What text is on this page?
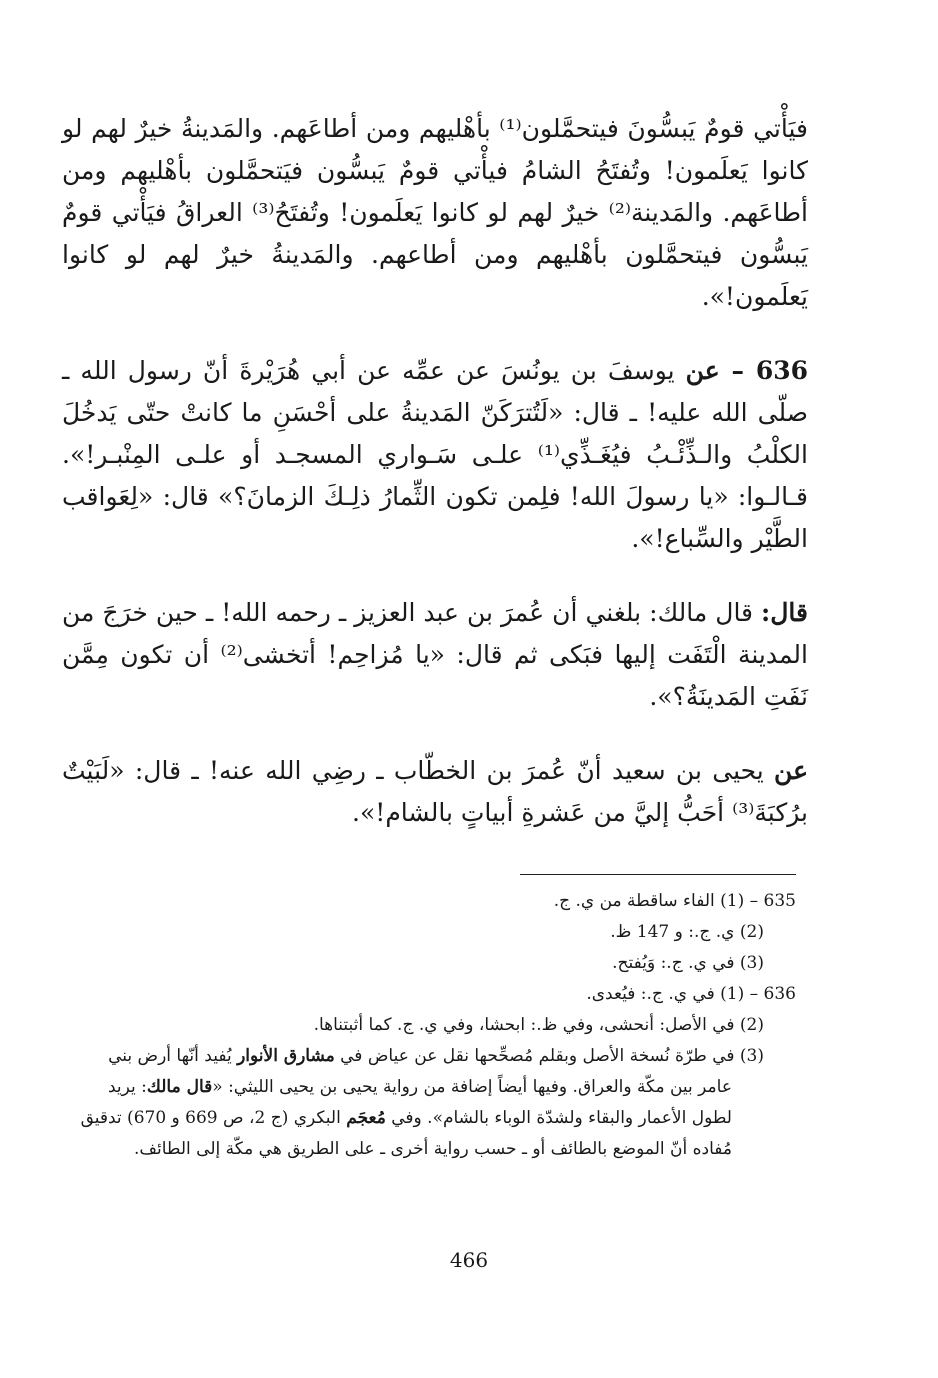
فيَأْتي قومٌ يَبسُّونَ فيتحمَّلون⁽¹⁾ بأهْليهم ومن أطاعَهم. والمَدينةُ خيرٌ لهم لو كانوا يَعلَمون! وتُفتَحُ الشامُ فيأْتي قومٌ يَبسُّون فيَتحمَّلون بأهْليهم ومن أطاعَهم. والمَدينة⁽²⁾ خيرٌ لهم لو كانوا يَعلَمون! وتُفتَحُ⁽³⁾ العراقُ فيَأْتي قومٌ يَبسُّون فيتحمَّلون بأهْليهم ومن أطاعهم. والمَدينةُ خيرٌ لهم لو كانوا يَعلَمون!».

636 – عن يوسفَ بن يونُسَ عن عمِّه عن أبي هُرَيْرةَ أنّ رسول الله ـ صلّى الله عليه! ـ قال: «لَتُترَكَنّ المَدينةُ على أحْسَنِ ما كانتْ حتّى يَدخُلَ الكلْبُ والـذِّئْـبُ فيُغَـذِّي⁽¹⁾ علـى سَـواري المسجـد أو علـى المِنْبـر!». قـالـوا: «يا رسولَ الله! فلِمن تكون الثِّمارُ ذلِـكَ الزمانَ؟» قال: «لِعَواقب الطَّيْر والسِّباع!».

قال: قال مالك: بلغني أن عُمرَ بن عبد العزيز ـ رحمه الله! ـ حين خرَجَ من المدينة الْتَفَت إليها فبَكى ثم قال: «يا مُزاحِم! أتخشى⁽²⁾ أن تكون مِمَّن نَفَتِ المَدينَةُ؟».

عن يحيى بن سعيد أنّ عُمرَ بن الخطّاب ـ رضِي الله عنه! ـ قال: «لَبَيْتٌ برُكبَةَ⁽³⁾ أحَبُّ إليَّ من عَشرةِ أبياتٍ بالشام!».

635 – (1) الفاء ساقطة من ي. ج.

(2) ي. ج.: و 147 ظ.

(3) في ي. ج.: وَيُفتح.

636 – (1) في ي. ج.: فيُعدى.

(2) في الأصل: أنحشى، وفي ظ.: ابحشا، وفي ي. ج. كما أثبتناها.

(3) في طرّة نُسخة الأصل وبقلم مُصحِّحها نقل عن عياض في مشارق الأنوار يُفيد أنّها أرض بني عامر بين مكّة والعراق. وفيها أيضاً إضافة من رواية يحيى بن يحيى الليثي: «قال مالك: يريد لطول الأعمار والبقاء ولشدّة الوباء بالشام». وفي مُعجَم البكري (ج 2، ص 669 و 670) تدقيق مُفاده أنّ الموضع بالطائف أو ـ حسب رواية أخرى ـ على الطريق هي مكّة إلى الطائف.

466
